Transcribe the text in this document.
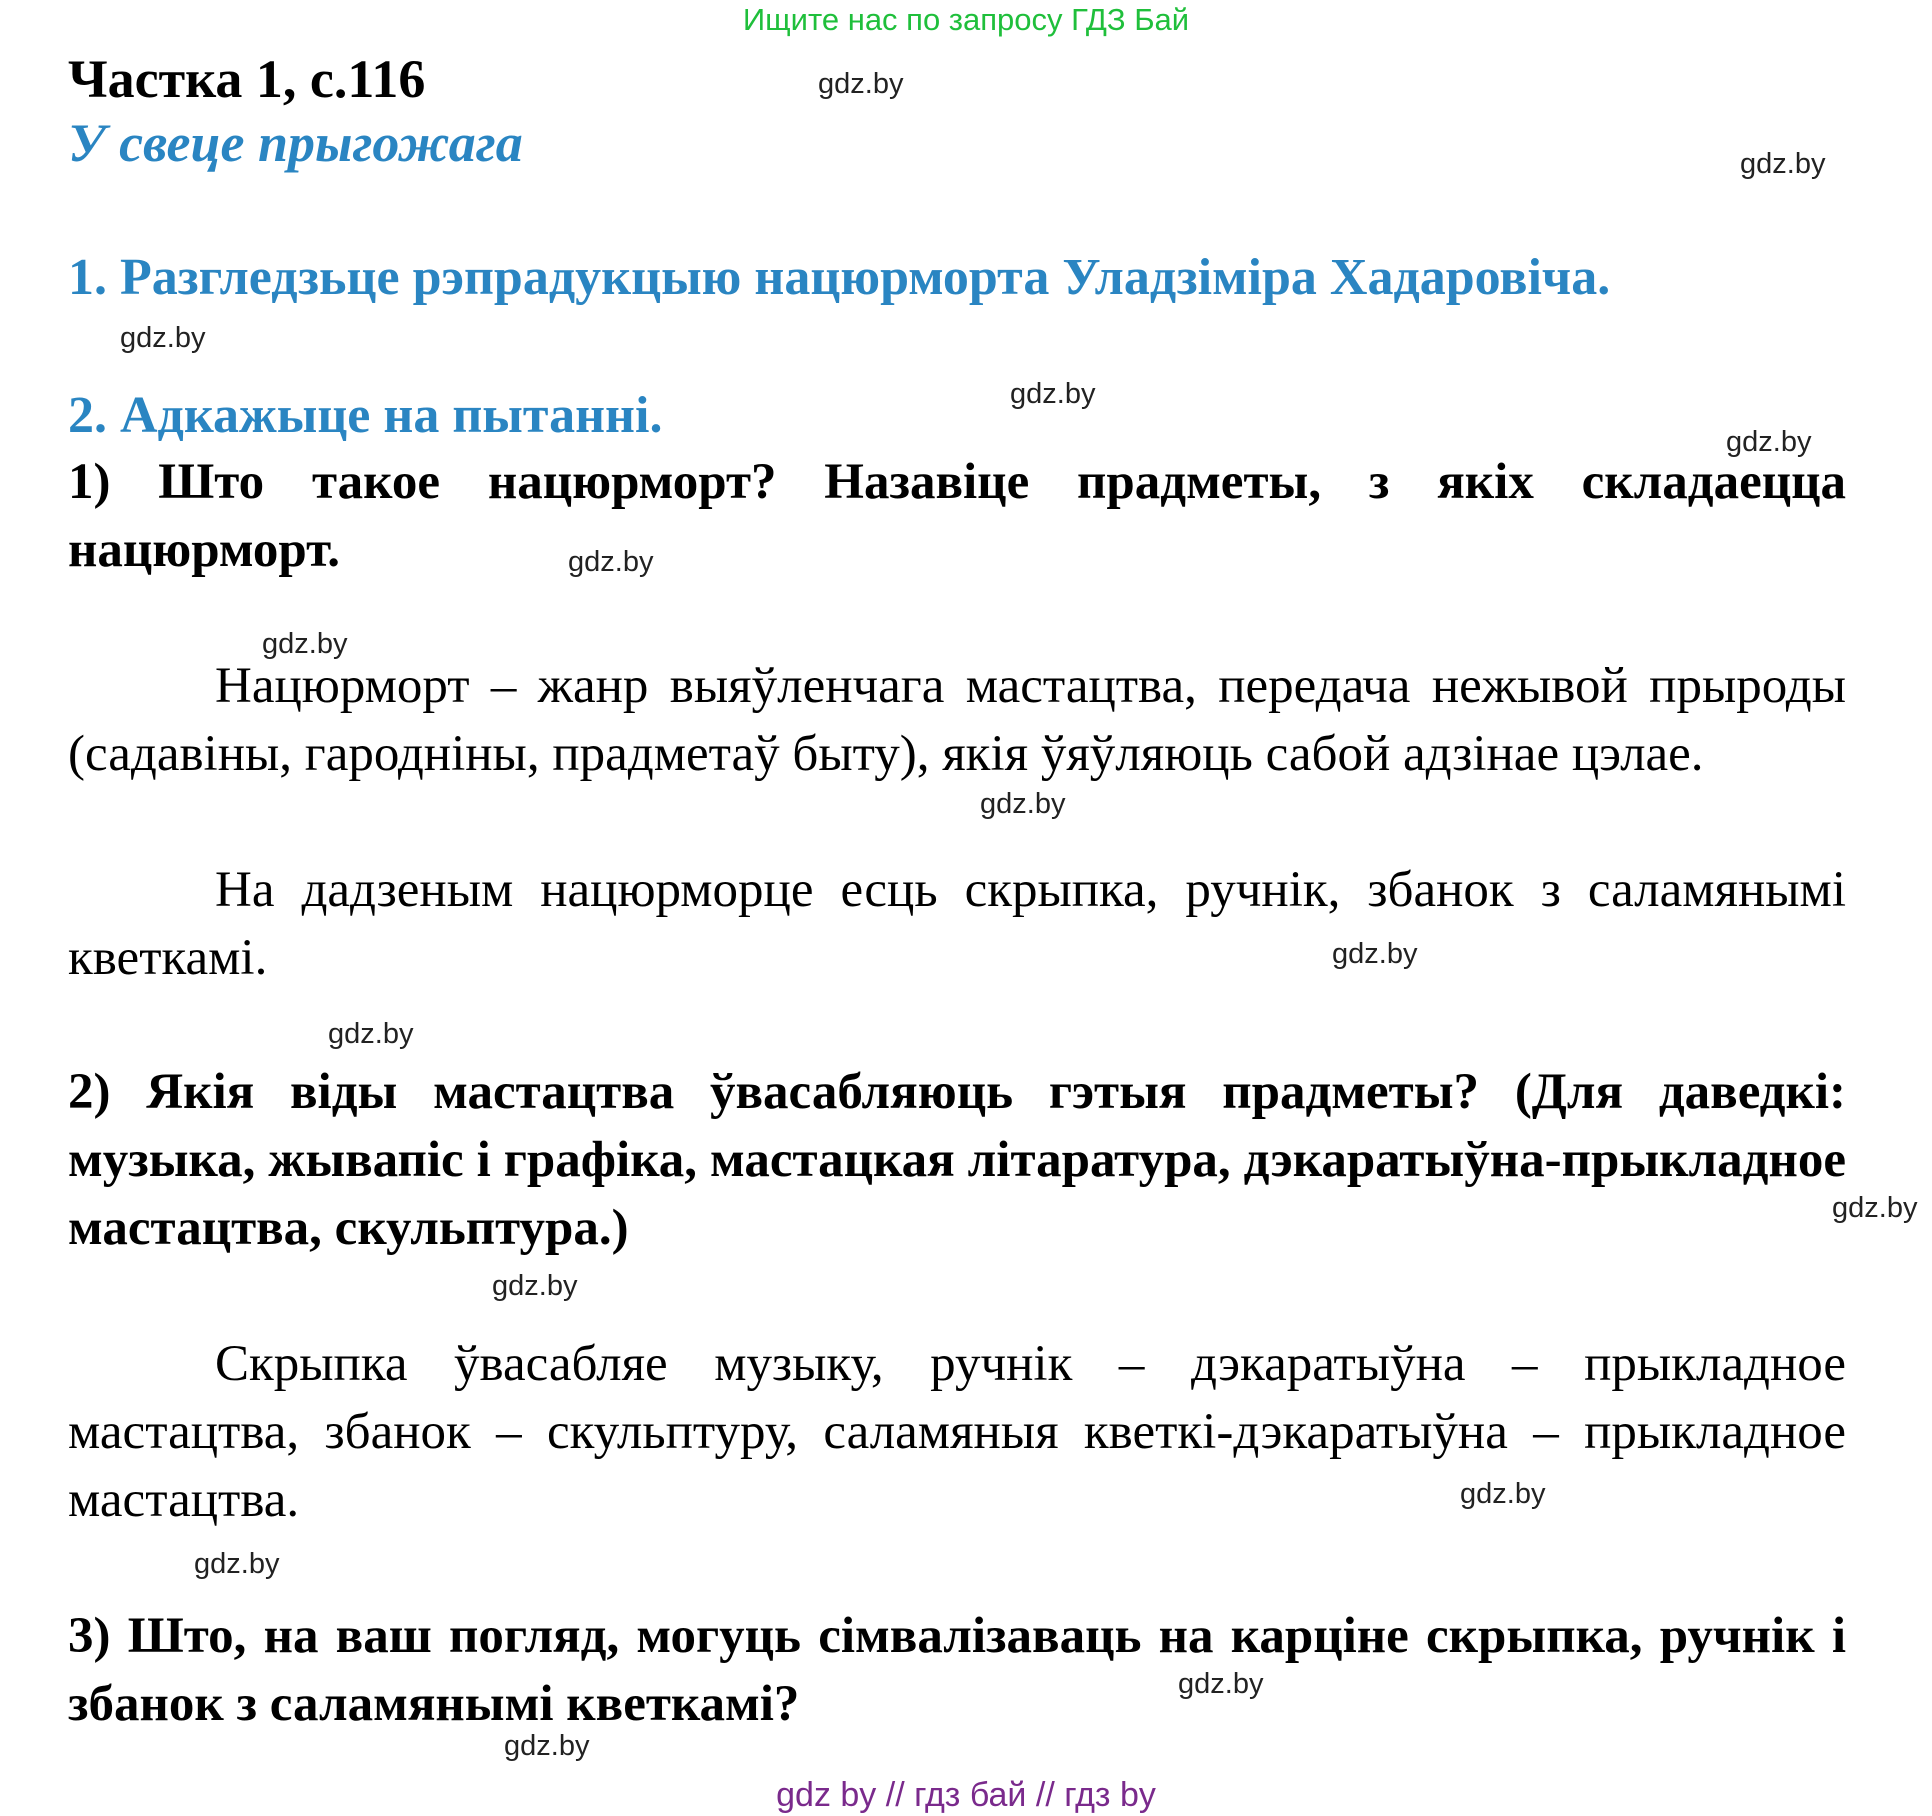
Ищите нас по запросу ГДЗ Бай
Частка 1, с.116
У свеце прыгожага
1. Разгледзьце рэпрадукцыю нацюрморта Уладзіміра Хадаровіча.
2. Адкажыце на пытанні.
1) Што такое нацюрморт? Назавіце прадметы, з якіх складаецца нацюрморт.
Нацюрморт – жанр выяўленчага мастацтва, передача нежывой прыроды (садавіны, гародніны, прадметаў быту), якія ўяўляюць сабой адзінае цэлае.
На дадзеным нацюрморце есць скрыпка, ручнік, збанок з саламянымі кветкамі.
2) Якія віды мастацтва ўвасабляюць гэтыя прадметы? (Для даведкі: музыка, жывапіс і графіка, мастацкая літаратура, дэкаратыўна-прыкладное мастацтва, скульптура.)
Скрыпка ўвасабляе музыку, ручнік – дэкаратыўна – прыкладное мастацтва, збанок – скульптуру, саламяныя кветкі-дэкаратыўна – прыкладное мастацтва.
3) Што, на ваш погляд, могуць сімвалізаваць на карціне скрыпка, ручнік і збанок з саламянымі кветкамі?
gdz.by
gdz.by
gdz.by
gdz.by
gdz.by
gdz.by
gdz.by
gdz.by
gdz.by
gdz.by
gdz.by
gdz.by
gdz.by
gdz.by
gdz.by
gdz.by
gdz by // гдз бай // гдз by
